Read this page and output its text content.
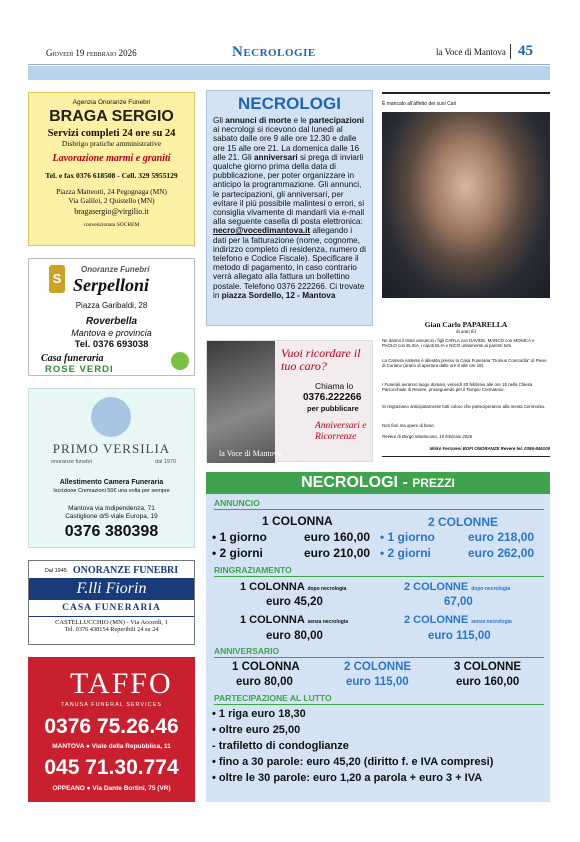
Giovedì 19 febbraio 2026	Necrologie	la Voce di Mantova 45
Agenzia Onoranze Funebri
BRAGA SERGIO
Servizi completi 24 ore su 24
Disbrigo pratiche amministrative
Lavorazione marmi e graniti
Tel. e fax 0376 618508 - Cell. 329 5955129
Piazza Matteotti, 24 Pegognaga (MN)
Via Galilei, 2 Quistello (MN)
bragasergio@virgilio.it
convenzionata SOCREM
S
Onoranze Funebri
Serpelloni
Piazza Garibaldi, 28
Roverbella
Mantova e provincia
Tel. 0376 693038
Casa funeraria
ROSE VERDI
PRIMO VERSILIA
onoranze funebri	dal 1970
Allestimento Camera Funeraria
Iscrizione Cremazioni 50€ una volta per sempre
Mantova via Indipendenza, 71
Castiglione d/S viale Europa, 19
0376 380398
Dal 1945 ONORANZE FUNEBRI
F.lli Fiorin
CASA FUNERARIA
CASTELLUCCHIO (MN) - Via Accordi, 1
Tel. 0376 438154 Reperibili 24 su 24
TAFFO
TANUSA FUNERAL SERVICES
0376 75.26.46
MANTOVA ● Viale della Repubblica, 11
045 71.30.774
OPPEANO ● Via Dante Bortini, 75 (VR)
NECROLOGI
Gli annunci di morte e le partecipazioni ai necrologi si ricevono dal lunedì al sabato dalle ore 9 alle ore 12.30 e dalle ore 15 alle ore 21. La domenica dalle 16 alle 21. Gli anniversari si prega di inviarli qualche giorno prima della data di pubblicazione, per poter organizzare in anticipo la programmazione. Gli annunci, le partecipazioni, gli anniversari, per evitare il più possibile malintesi o errori, si consiglia vivamente di mandarli via e-mail alla seguente casella di posta elettronica: necro@vocedimantova.it allegando i dati per la fatturazione (nome, cognome, indirizzo completo di residenza, numero di telefono e Codice Fiscale). Specificare il metodo di pagamento, in caso contrario verrà allegato alla fattura un bollettino postale. Telefono 0376 222266. Ci trovate in piazza Sordello, 12 - Mantova
Vuoi ricordare il tuo caro?
Chiama lo
0376.222266
per pubblicare
Anniversari e Ricorrenze
la Voce di Mantova
È mancato all'affetto dei suoi Cari
Gian Carlo PAPARELLA
di anni 83
Ne danno il triste annuncio i figli CARLA con DAVIDE, MARCO con MONICA e PAOLO con ELISA, i nipoti ELIA e NICO unitamente ai parenti tutti.
La Camera Ardente è allestita presso la Casa Funeraria "Domus Concordia" di Pieve di Coriano (orario di apertura dalle ore 8 alle ore 19).
I Funerali avranno luogo domani, venerdì 20 febbraio alle ore 15 nella Chiesa Parrocchiale di Revere, proseguendo per il Tempio Crematorio.
Si ringraziano anticipatamente tutti coloro che parteciperanno alla mesta Cerimonia.
Non fiori ma opere di bene.
Revere di Borgo Mantovano, 19 febbraio 2026
Mirko Ferraresi BOFI ONORANZE Revere tel. 0386-846109
NECROLOGI - PREZZI
ANNUNCIO
1 COLONNA	2 COLONNE
• 1 giorno	euro 160,00 • 1 giorno	euro 218,00
• 2 giorni	euro 210,00 • 2 giorni	euro 262,00
RINGRAZIAMENTO
1 COLONNA dopo necrologia
euro 45,20
2 COLONNE dopo necrologia
67,00
1 COLONNA senza necrologia
euro 80,00
2 COLONNE senza necrologia
euro 115,00
ANNIVERSARIO
1 COLONNA
euro 80,00
2 COLONNE
euro 115,00
3 COLONNE
euro 160,00
PARTECIPAZIONE AL LUTTO
• 1 riga euro 18,30
• oltre euro 25,00
- trafiletto di condoglianze
• fino a 30 parole: euro 45,20 (diritto f. e IVA compresi)
• oltre le 30 parole: euro 1,20 a parola + euro 3 + IVA
